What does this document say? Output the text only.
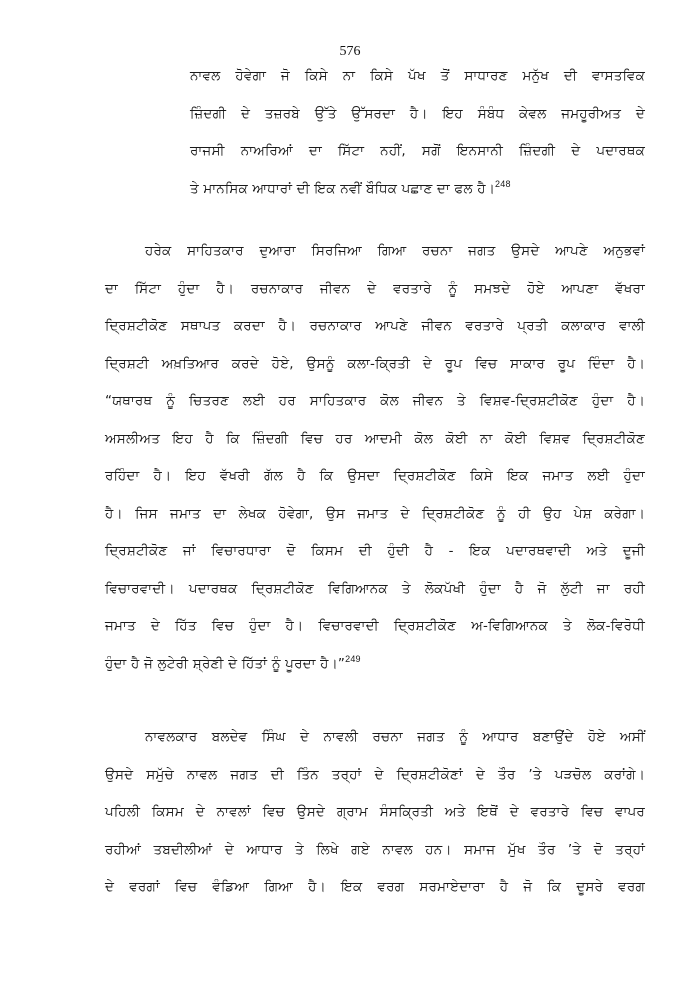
576
ਨਾਵਲ ਹੋਵੇਗਾ ਜੋ ਕਿਸੇ ਨਾ ਕਿਸੇ ਪੱਖ ਤੋਂ ਸਾਧਾਰਣ ਮਨੁੱਖ ਦੀ ਵਾਸਤਵਿਕ
ਜ਼ਿੰਦਗੀ ਦੇ ਤਜ਼ਰਬੇ ਉੱਤੇ ਉੱਸਰਦਾ ਹੈ। ਇਹ ਸੰਬੰਧ ਕੇਵਲ ਜਮਹੂਰੀਅਤ ਦੇ
ਰਾਜਸੀ ਨਾਅਰਿਆਂ ਦਾ ਸਿੱਟਾ ਨਹੀਂ, ਸਗੋਂ ਇਨਸਾਨੀ ਜ਼ਿੰਦਗੀ ਦੇ ਪਦਾਰਥਕ
ਤੇ ਮਾਨਸਿਕ ਆਧਾਰਾਂ ਦੀ ਇਕ ਨਵੀਂ ਬੌਧਿਕ ਪਛਾਣ ਦਾ ਫਲ ਹੈ।$^{248}$
ਹਰੇਕ ਸਾਹਿਤਕਾਰ ਦੁਆਰਾ ਸਿਰਜਿਆ ਗਿਆ ਰਚਨਾ ਜਗਤ ਉਸਦੇ ਆਪਣੇ ਅਨੁਭਵਾਂ
ਦਾ ਸਿੱਟਾ ਹੁੰਦਾ ਹੈ। ਰਚਨਾਕਾਰ ਜੀਵਨ ਦੇ ਵਰਤਾਰੇ ਨੂੰ ਸਮਝਦੇ ਹੋਏ ਆਪਣਾ ਵੱਖਰਾ
ਦ੍ਰਿਸ਼ਟੀਕੋਣ ਸਥਾਪਤ ਕਰਦਾ ਹੈ। ਰਚਨਾਕਾਰ ਆਪਣੇ ਜੀਵਨ ਵਰਤਾਰੇ ਪ੍ਰਤੀ ਕਲਾਕਾਰ ਵਾਲੀ
ਦ੍ਰਿਸ਼ਟੀ ਅਖ਼ਤਿਆਰ ਕਰਦੇ ਹੋਏ, ਉਸਨੂੰ ਕਲਾ-ਕ੍ਰਿਤੀ ਦੇ ਰੂਪ ਵਿਚ ਸਾਕਾਰ ਰੂਪ ਦਿੰਦਾ ਹੈ।
“ਯਥਾਰਥ ਨੂੰ ਚਿਤਰਣ ਲਈ ਹਰ ਸਾਹਿਤਕਾਰ ਕੋਲ ਜੀਵਨ ਤੇ ਵਿਸ਼ਵ-ਦ੍ਰਿਸ਼ਟੀਕੋਣ ਹੁੰਦਾ ਹੈ।
ਅਸਲੀਅਤ ਇਹ ਹੈ ਕਿ ਜ਼ਿੰਦਗੀ ਵਿਚ ਹਰ ਆਦਮੀ ਕੋਲ ਕੋਈ ਨਾ ਕੋਈ ਵਿਸ਼ਵ ਦ੍ਰਿਸ਼ਟੀਕੋਣ
ਰਹਿੰਦਾ ਹੈ। ਇਹ ਵੱਖਰੀ ਗੱਲ ਹੈ ਕਿ ਉਸਦਾ ਦ੍ਰਿਸ਼ਟੀਕੋਣ ਕਿਸੇ ਇਕ ਜਮਾਤ ਲਈ ਹੁੰਦਾ
ਹੈ। ਜਿਸ ਜਮਾਤ ਦਾ ਲੇਖਕ ਹੋਵੇਗਾ, ਉਸ ਜਮਾਤ ਦੇ ਦ੍ਰਿਸ਼ਟੀਕੋਣ ਨੂੰ ਹੀ ਉਹ ਪੇਸ਼ ਕਰੇਗਾ।
ਦ੍ਰਿਸ਼ਟੀਕੋਣ ਜਾਂ ਵਿਚਾਰਧਾਰਾ ਦੋ ਕਿਸਮ ਦੀ ਹੁੰਦੀ ਹੈ - ਇਕ ਪਦਾਰਥਵਾਦੀ ਅਤੇ ਦੂਜੀ
ਵਿਚਾਰਵਾਦੀ। ਪਦਾਰਥਕ ਦ੍ਰਿਸ਼ਟੀਕੋਣ ਵਿਗਿਆਨਕ ਤੇ ਲੋਕਪੱਖੀ ਹੁੰਦਾ ਹੈ ਜੋ ਲੁੱਟੀ ਜਾ ਰਹੀ
ਜਮਾਤ ਦੇ ਹਿੱਤ ਵਿਚ ਹੁੰਦਾ ਹੈ। ਵਿਚਾਰਵਾਦੀ ਦ੍ਰਿਸ਼ਟੀਕੋਣ ਅ-ਵਿਗਿਆਨਕ ਤੇ ਲੋਕ-ਵਿਰੋਧੀ
ਹੁੰਦਾ ਹੈ ਜੋ ਲੁਟੇਰੀ ਸ਼੍ਰੇਣੀ ਦੇ ਹਿੱਤਾਂ ਨੂੰ ਪੂਰਦਾ ਹੈ।”$^{249}$
ਨਾਵਲਕਾਰ ਬਲਦੇਵ ਸਿੰਘ ਦੇ ਨਾਵਲੀ ਰਚਨਾ ਜਗਤ ਨੂੰ ਆਧਾਰ ਬਣਾਉਂਦੇ ਹੋਏ ਅਸੀਂ
ਉਸਦੇ ਸਮੁੱਚੇ ਨਾਵਲ ਜਗਤ ਦੀ ਤਿੰਨ ਤਰ੍ਹਾਂ ਦੇ ਦ੍ਰਿਸ਼ਟੀਕੋਣਾਂ ਦੇ ਤੌਰ ’ਤੇ ਪੜਚੋਲ ਕਰਾਂਗੇ।
ਪਹਿਲੀ ਕਿਸਮ ਦੇ ਨਾਵਲਾਂ ਵਿਚ ਉਸਦੇ ਗ੍ਰਾਮ ਸੰਸਕ੍ਰਿਤੀ ਅਤੇ ਇਥੋਂ ਦੇ ਵਰਤਾਰੇ ਵਿਚ ਵਾਪਰ
ਰਹੀਆਂ ਤਬਦੀਲੀਆਂ ਦੇ ਆਧਾਰ ਤੇ ਲਿਖੇ ਗਏ ਨਾਵਲ ਹਨ। ਸਮਾਜ ਮੁੱਖ ਤੌਰ ’ਤੇ ਦੋ ਤਰ੍ਹਾਂ
ਦੇ ਵਰਗਾਂ ਵਿਚ ਵੰਡਿਆ ਗਿਆ ਹੈ। ਇਕ ਵਰਗ ਸਰਮਾਏਦਾਰਾ ਹੈ ਜੋ ਕਿ ਦੂਸਰੇ ਵਰਗ
